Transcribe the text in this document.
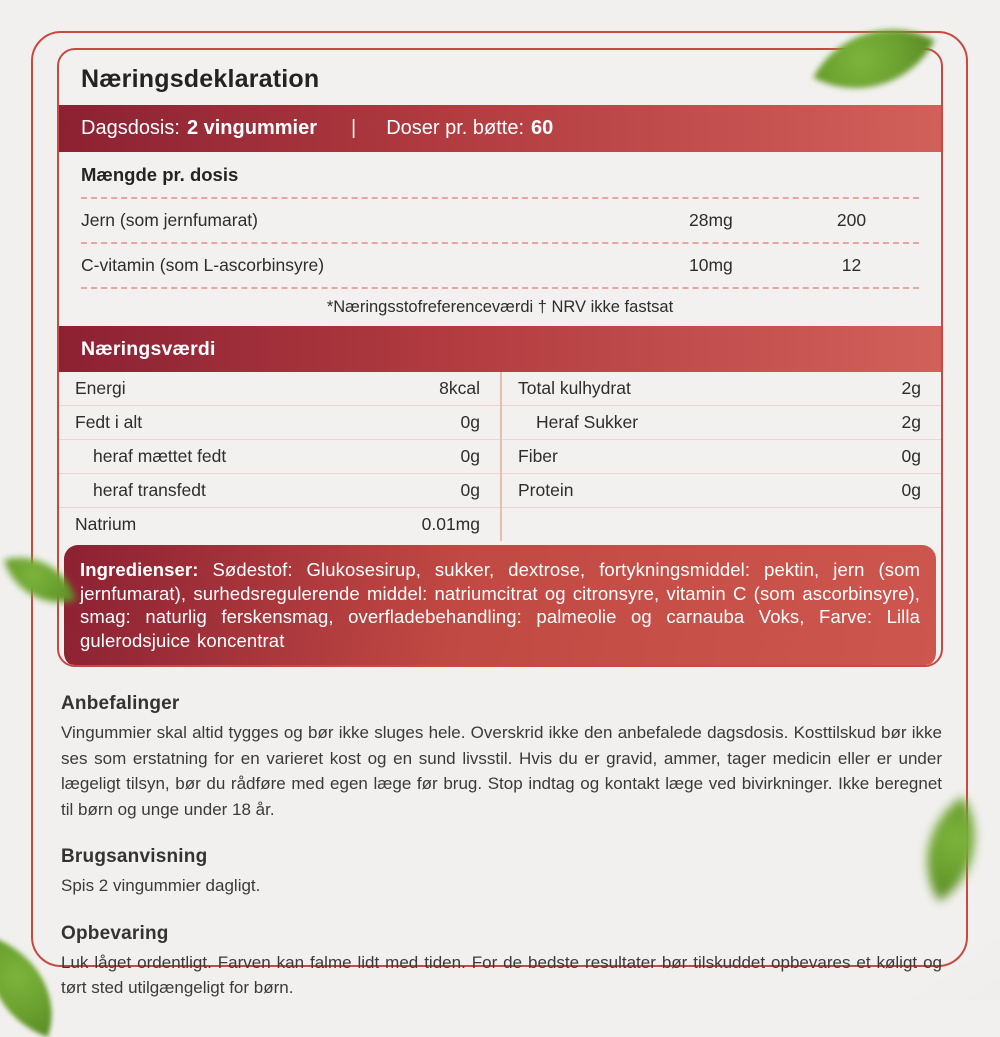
Næringsdeklaration
Dagsdosis: 2 vingummier | Doser pr. bøtte: 60
Mængde pr. dosis
Jern (som jernfumarat)	28mg	200
C-vitamin (som L-ascorbinsyre)	10mg	12
*Næringsstofreferenceværdi † NRV ikke fastsat
Næringsværdi
Energi	8kcal
Fedt i alt	0g
heraf mættet fedt	0g
heraf transfedt	0g
Natrium	0.01mg
Total kulhydrat	2g
Heraf Sukker	2g
Fiber	0g
Protein	0g
Ingredienser: Sødestof: Glukosesirup, sukker, dextrose, fortykningsmiddel: pektin, jern (som jernfumarat), surhedsregulerende middel: natriumcitrat og citronsyre, vitamin C (som ascorbinsyre), smag: naturlig ferskensmag, overfladebehandling: palmeolie og carnauba Voks, Farve: Lilla gulerodsjuice koncentrat
Anbefalinger

Vingummier skal altid tygges og bør ikke sluges hele. Overskrid ikke den anbefalede dagsdosis. Kosttilskud bør ikke ses som erstatning for en varieret kost og en sund livsstil. Hvis du er gravid, ammer, tager medicin eller er under lægeligt tilsyn, bør du rådføre med egen læge før brug. Stop indtag og kontakt læge ved bivirkninger. Ikke beregnet til børn og unge under 18 år.

Brugsanvisning

Spis 2 vingummier dagligt.

Opbevaring

Luk låget ordentligt. Farven kan falme lidt med tiden. For de bedste resultater bør tilskuddet opbevares et køligt og tørt sted utilgængeligt for børn.
